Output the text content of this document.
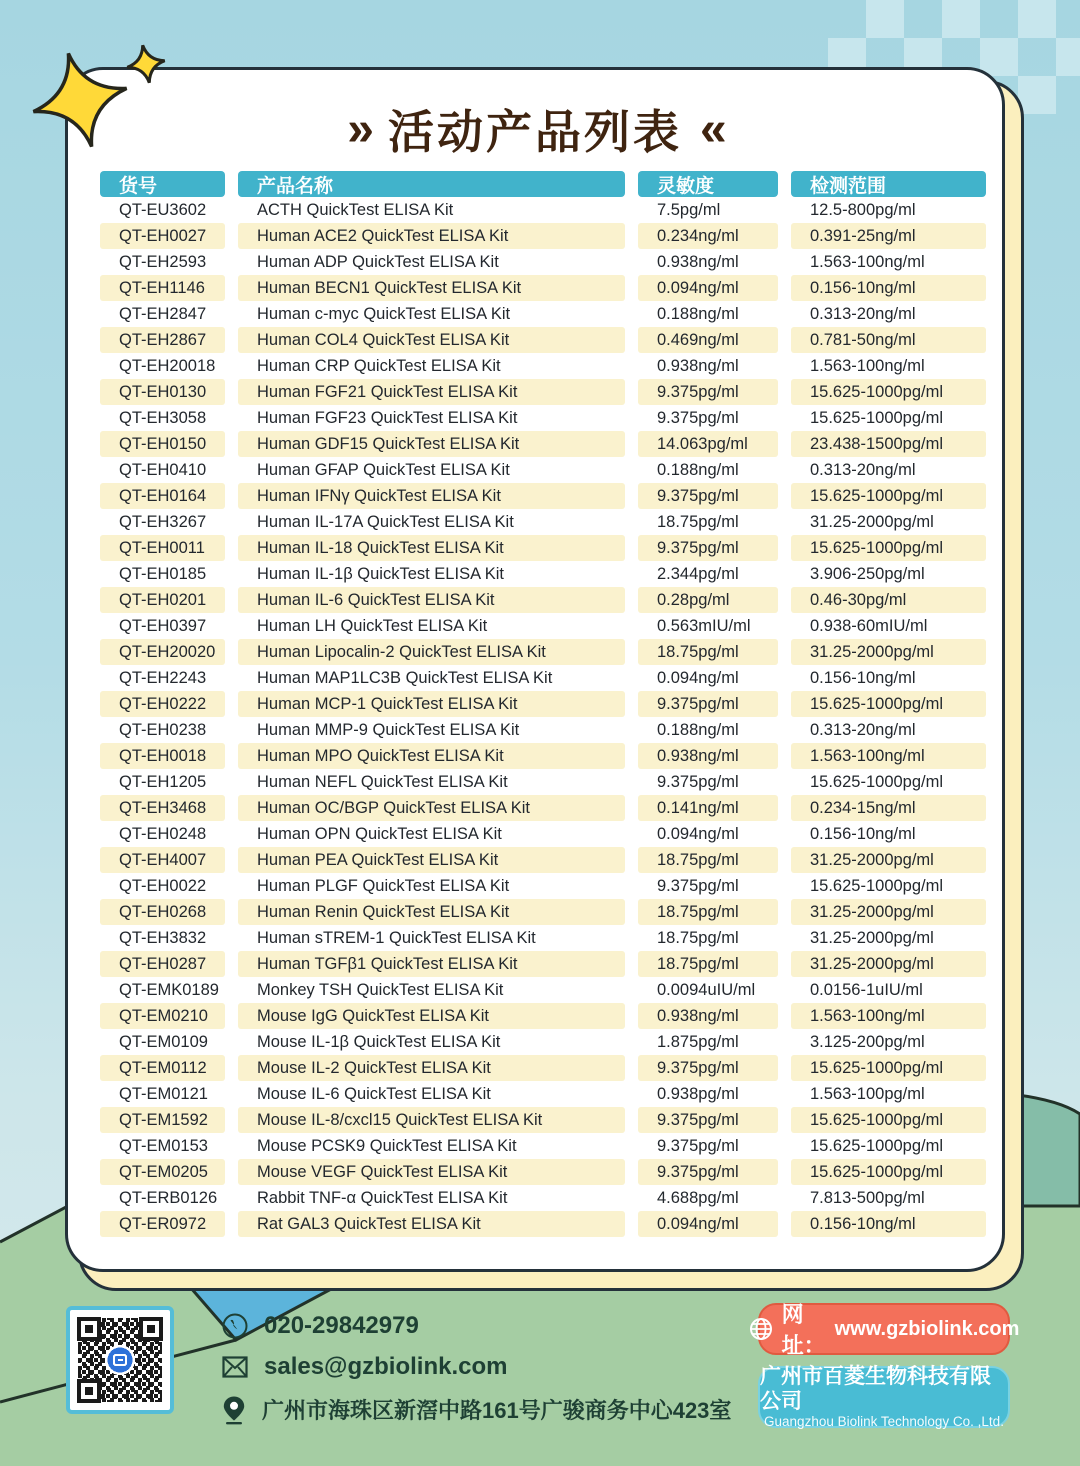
» 活动产品列表 «
货号	产品名称	灵敏度	检测范围
QT-EU3602	ACTH QuickTest ELISA Kit	7.5pg/ml	12.5-800pg/ml
QT-EH0027	Human ACE2 QuickTest ELISA Kit	0.234ng/ml	0.391-25ng/ml
QT-EH2593	Human ADP QuickTest ELISA Kit	0.938ng/ml	1.563-100ng/ml
QT-EH1146	Human BECN1 QuickTest ELISA Kit	0.094ng/ml	0.156-10ng/ml
QT-EH2847	Human c-myc QuickTest ELISA Kit	0.188ng/ml	0.313-20ng/ml
QT-EH2867	Human COL4 QuickTest ELISA Kit	0.469ng/ml	0.781-50ng/ml
QT-EH20018	Human CRP QuickTest ELISA Kit	0.938ng/ml	1.563-100ng/ml
QT-EH0130	Human FGF21 QuickTest ELISA Kit	9.375pg/ml	15.625-1000pg/ml
QT-EH3058	Human FGF23 QuickTest ELISA Kit	9.375pg/ml	15.625-1000pg/ml
QT-EH0150	Human GDF15 QuickTest ELISA Kit	14.063pg/ml	23.438-1500pg/ml
QT-EH0410	Human GFAP QuickTest ELISA Kit	0.188ng/ml	0.313-20ng/ml
QT-EH0164	Human IFNγ QuickTest ELISA Kit	9.375pg/ml	15.625-1000pg/ml
QT-EH3267	Human IL-17A QuickTest ELISA Kit	18.75pg/ml	31.25-2000pg/ml
QT-EH0011	Human IL-18 QuickTest ELISA Kit	9.375pg/ml	15.625-1000pg/ml
QT-EH0185	Human IL-1β QuickTest ELISA Kit	2.344pg/ml	3.906-250pg/ml
QT-EH0201	Human IL-6 QuickTest ELISA Kit	0.28pg/ml	0.46-30pg/ml
QT-EH0397	Human LH QuickTest ELISA Kit	0.563mIU/ml	0.938-60mIU/ml
QT-EH20020	Human Lipocalin-2 QuickTest ELISA Kit	18.75pg/ml	31.25-2000pg/ml
QT-EH2243	Human MAP1LC3B QuickTest ELISA Kit	0.094ng/ml	0.156-10ng/ml
QT-EH0222	Human MCP-1 QuickTest ELISA Kit	9.375pg/ml	15.625-1000pg/ml
QT-EH0238	Human MMP-9 QuickTest ELISA Kit	0.188ng/ml	0.313-20ng/ml
QT-EH0018	Human MPO QuickTest ELISA Kit	0.938ng/ml	1.563-100ng/ml
QT-EH1205	Human NEFL QuickTest ELISA Kit	9.375pg/ml	15.625-1000pg/ml
QT-EH3468	Human OC/BGP QuickTest ELISA Kit	0.141ng/ml	0.234-15ng/ml
QT-EH0248	Human OPN QuickTest ELISA Kit	0.094ng/ml	0.156-10ng/ml
QT-EH4007	Human PEA QuickTest ELISA Kit	18.75pg/ml	31.25-2000pg/ml
QT-EH0022	Human PLGF QuickTest ELISA Kit	9.375pg/ml	15.625-1000pg/ml
QT-EH0268	Human Renin QuickTest ELISA Kit	18.75pg/ml	31.25-2000pg/ml
QT-EH3832	Human sTREM-1 QuickTest ELISA Kit	18.75pg/ml	31.25-2000pg/ml
QT-EH0287	Human TGFβ1 QuickTest ELISA Kit	18.75pg/ml	31.25-2000pg/ml
QT-EMK0189	Monkey TSH QuickTest ELISA Kit	0.0094uIU/ml	0.0156-1uIU/ml
QT-EM0210	Mouse IgG QuickTest ELISA Kit	0.938ng/ml	1.563-100ng/ml
QT-EM0109	Mouse IL-1β QuickTest ELISA Kit	1.875pg/ml	3.125-200pg/ml
QT-EM0112	Mouse IL-2 QuickTest ELISA Kit	9.375pg/ml	15.625-1000pg/ml
QT-EM0121	Mouse IL-6 QuickTest ELISA Kit	0.938pg/ml	1.563-100pg/ml
QT-EM1592	Mouse IL-8/cxcl15 QuickTest ELISA Kit	9.375pg/ml	15.625-1000pg/ml
QT-EM0153	Mouse PCSK9 QuickTest ELISA Kit	9.375pg/ml	15.625-1000pg/ml
QT-EM0205	Mouse VEGF QuickTest ELISA Kit	9.375pg/ml	15.625-1000pg/ml
QT-ERB0126	Rabbit TNF-α QuickTest ELISA Kit	4.688pg/ml	7.813-500pg/ml
QT-ER0972	Rat GAL3 QuickTest ELISA Kit	0.094ng/ml	0.156-10ng/ml
020-29842979
sales@gzbiolink.com
广州市海珠区新滘中路161号广骏商务中心423室
网址：
www.gzbiolink.com
广州市百菱生物科技有限公司
Guangzhou Biolink Technology Co. ,Ltd.
